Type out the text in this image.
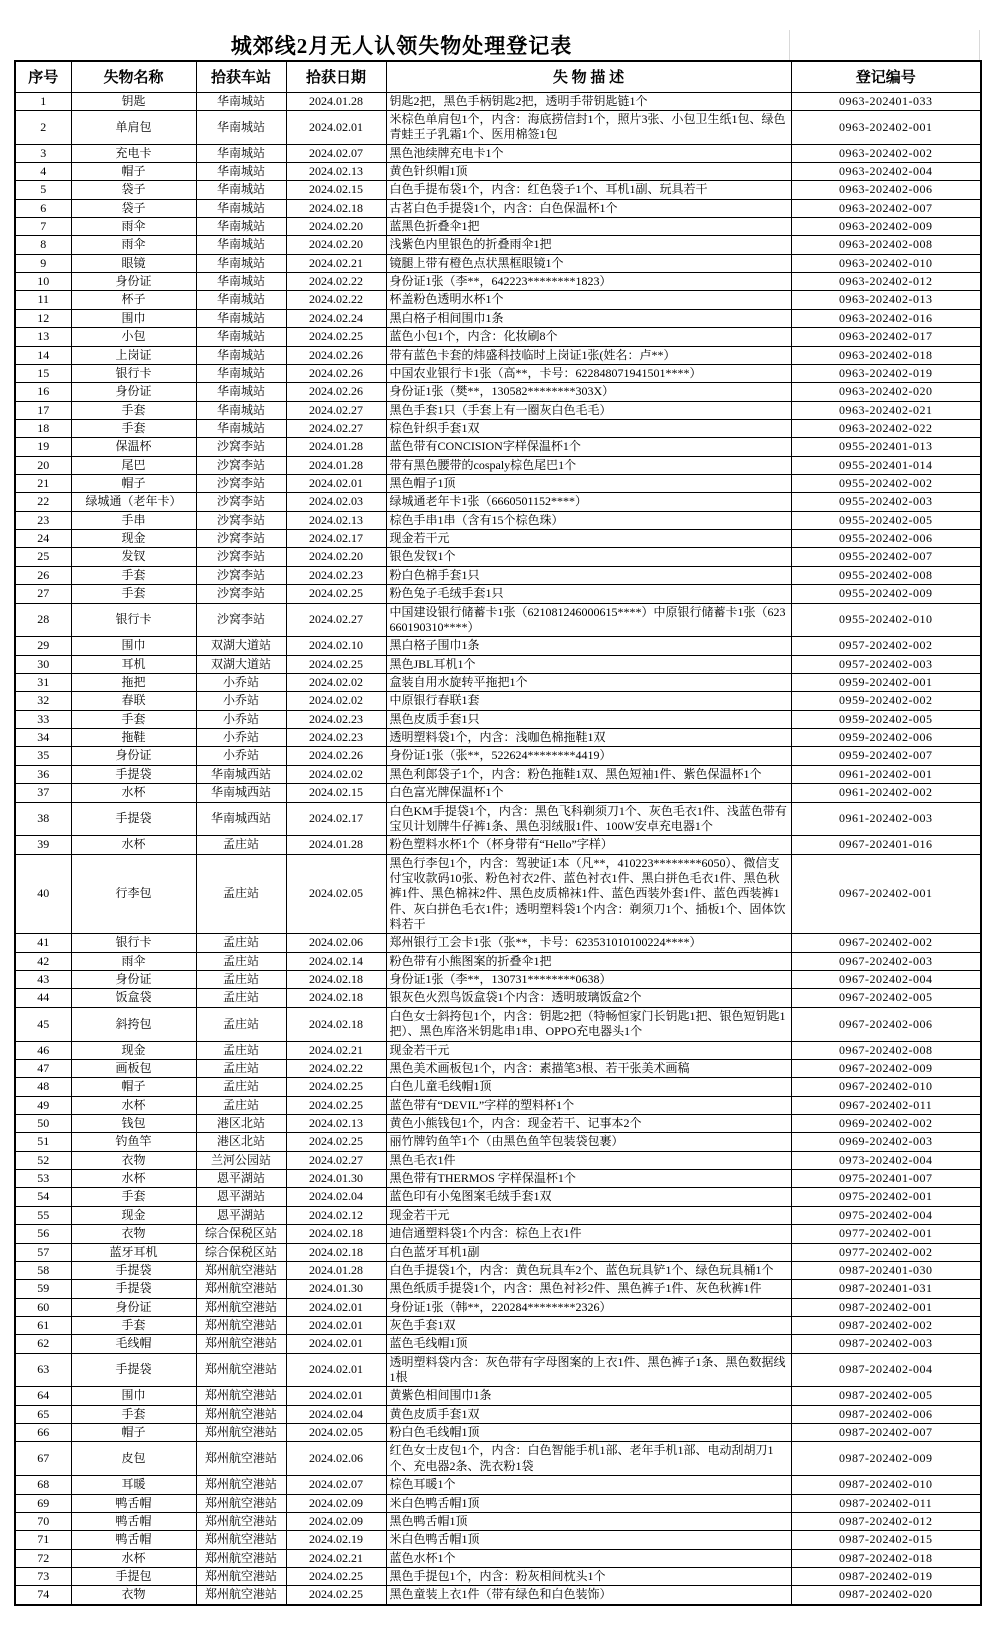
城郊线2月无人认领失物处理登记表
序号	失物名称	拾获车站	拾获日期	失 物 描 述	登记编号
1	钥匙	华南城站	2024.01.28	钥匙2把，黑色手柄钥匙2把，透明手带钥匙链1个	0963-202401-033
2	单肩包	华南城站	2024.02.01	米棕色单肩包1个，内含：海底捞信封1个，照片3张、小包卫生纸1包、绿色青蛙王子乳霜1个、医用棉签1包	0963-202402-001
3	充电卡	华南城站	2024.02.07	黑色池续牌充电卡1个	0963-202402-002
4	帽子	华南城站	2024.02.13	黄色针织帽1顶	0963-202402-004
5	袋子	华南城站	2024.02.15	白色手提布袋1个，内含：红色袋子1个、耳机1副、玩具若干	0963-202402-006
6	袋子	华南城站	2024.02.18	古茗白色手提袋1个，内含：白色保温杯1个	0963-202402-007
7	雨伞	华南城站	2024.02.20	蓝黑色折叠伞1把	0963-202402-009
8	雨伞	华南城站	2024.02.20	浅紫色内里银色的折叠雨伞1把	0963-202402-008
9	眼镜	华南城站	2024.02.21	镜腿上带有橙色点状黑框眼镜1个	0963-202402-010
10	身份证	华南城站	2024.02.22	身份证1张（李**，642223********1823）	0963-202402-012
11	杯子	华南城站	2024.02.22	杯盖粉色透明水杯1个	0963-202402-013
12	围巾	华南城站	2024.02.24	黑白格子相间围巾1条	0963-202402-016
13	小包	华南城站	2024.02.25	蓝色小包1个，内含：化妆刷8个	0963-202402-017
14	上岗证	华南城站	2024.02.26	带有蓝色卡套的炜盛科技临时上岗证1张(姓名：卢**）	0963-202402-018
15	银行卡	华南城站	2024.02.26	中国农业银行卡1张（高**，卡号：622848071941501****）	0963-202402-019
16	身份证	华南城站	2024.02.26	身份证1张（樊**，130582********303X）	0963-202402-020
17	手套	华南城站	2024.02.27	黑色手套1只（手套上有一圈灰白色毛毛）	0963-202402-021
18	手套	华南城站	2024.02.27	棕色针织手套1双	0963-202402-022
19	保温杯	沙窝李站	2024.01.28	蓝色带有CONCISION字样保温杯1个	0955-202401-013
20	尾巴	沙窝李站	2024.01.28	带有黑色腰带的cospaly棕色尾巴1个	0955-202401-014
21	帽子	沙窝李站	2024.02.01	黑色帽子1顶	0955-202402-002
22	绿城通（老年卡）	沙窝李站	2024.02.03	绿城通老年卡1张（6660501152****）	0955-202402-003
23	手串	沙窝李站	2024.02.13	棕色手串1串（含有15个棕色珠）	0955-202402-005
24	现金	沙窝李站	2024.02.17	现金若干元	0955-202402-006
25	发钗	沙窝李站	2024.02.20	银色发钗1个	0955-202402-007
26	手套	沙窝李站	2024.02.23	粉白色棉手套1只	0955-202402-008
27	手套	沙窝李站	2024.02.25	粉色兔子毛绒手套1只	0955-202402-009
28	银行卡	沙窝李站	2024.02.27	中国建设银行储蓄卡1张（621081246000615****）中原银行储蓄卡1张（623660190310****）	0955-202402-010
29	围巾	双湖大道站	2024.02.10	黑白格子围巾1条	0957-202402-002
30	耳机	双湖大道站	2024.02.25	黑色JBL耳机1个	0957-202402-003
31	拖把	小乔站	2024.02.02	盒装自用水旋转平拖把1个	0959-202402-001
32	春联	小乔站	2024.02.02	中原银行春联1套	0959-202402-002
33	手套	小乔站	2024.02.23	黑色皮质手套1只	0959-202402-005
34	拖鞋	小乔站	2024.02.23	透明塑料袋1个，内含：浅咖色棉拖鞋1双	0959-202402-006
35	身份证	小乔站	2024.02.26	身份证1张（张**，522624********4419）	0959-202402-007
36	手提袋	华南城西站	2024.02.02	黑色利郎袋子1个，内含：粉色拖鞋1双、黑色短袖1件、紫色保温杯1个	0961-202402-001
37	水杯	华南城西站	2024.02.15	白色富光牌保温杯1个	0961-202402-002
38	手提袋	华南城西站	2024.02.17	白色KM手提袋1个，内含：黑色飞科剃须刀1个、灰色毛衣1件、浅蓝色带有宝贝计划牌牛仔裤1条、黑色羽绒服1件、100W安卓充电器1个	0961-202402-003
39	水杯	孟庄站	2024.01.28	粉色塑料水杯1个（杯身带有“Hello”字样）	0967-202401-016
40	行李包	孟庄站	2024.02.05	黑色行李包1个，内含：驾驶证1本（凡**，410223********6050）、微信支付宝收款码10张、粉色衬衣2件、蓝色衬衣1件、黑白拼色毛衣1件、黑色秋裤1件、黑色棉袜2件、黑色皮质棉袜1件、蓝色西装外套1件、蓝色西装裤1件、灰白拼色毛衣1件；透明塑料袋1个内含：剃须刀1个、插板1个、固体饮料若干	0967-202402-001
41	银行卡	孟庄站	2024.02.06	郑州银行工会卡1张（张**，卡号：623531010100224****）	0967-202402-002
42	雨伞	孟庄站	2024.02.14	粉色带有小熊图案的折叠伞1把	0967-202402-003
43	身份证	孟庄站	2024.02.18	身份证1张（李**，130731********0638）	0967-202402-004
44	饭盒袋	孟庄站	2024.02.18	银灰色火烈鸟饭盒袋1个内含：透明玻璃饭盒2个	0967-202402-005
45	斜挎包	孟庄站	2024.02.18	白色女士斜挎包1个，内含：钥匙2把（特畅恒家门长钥匙1把、银色短钥匙1把）、黑色库洛米钥匙串1串、OPPO充电器头1个	0967-202402-006
46	现金	孟庄站	2024.02.21	现金若干元	0967-202402-008
47	画板包	孟庄站	2024.02.22	黑色美术画板包1个，内含：素描笔3根、若干张美术画稿	0967-202402-009
48	帽子	孟庄站	2024.02.25	白色儿童毛线帽1顶	0967-202402-010
49	水杯	孟庄站	2024.02.25	蓝色带有“DEVIL”字样的塑料杯1个	0967-202402-011
50	钱包	港区北站	2024.02.13	黄色小熊钱包1个，内含：现金若干、记事本2个	0969-202402-002
51	钓鱼竿	港区北站	2024.02.25	丽竹牌钓鱼竿1个（由黑色鱼竿包装袋包裹）	0969-202402-003
52	衣物	兰河公园站	2024.02.27	黑色毛衣1件	0973-202402-004
53	水杯	恩平湖站	2024.01.30	黑色带有THERMOS 字样保温杯1个	0975-202401-007
54	手套	恩平湖站	2024.02.04	蓝色印有小兔图案毛绒手套1双	0975-202402-001
55	现金	恩平湖站	2024.02.12	现金若干元	0975-202402-004
56	衣物	综合保税区站	2024.02.18	迪信通塑料袋1个内含：棕色上衣1件	0977-202402-001
57	蓝牙耳机	综合保税区站	2024.02.18	白色蓝牙耳机1副	0977-202402-002
58	手提袋	郑州航空港站	2024.01.28	白色手提袋1个，内含：黄色玩具车2个、蓝色玩具铲1个、绿色玩具桶1个	0987-202401-030
59	手提袋	郑州航空港站	2024.01.30	黑色纸质手提袋1个，内含：黑色衬衫2件、黑色裤子1件、灰色秋裤1件	0987-202401-031
60	身份证	郑州航空港站	2024.02.01	身份证1张（韩**，220284********2326）	0987-202402-001
61	手套	郑州航空港站	2024.02.01	灰色手套1双	0987-202402-002
62	毛线帽	郑州航空港站	2024.02.01	蓝色毛线帽1顶	0987-202402-003
63	手提袋	郑州航空港站	2024.02.01	透明塑料袋内含：灰色带有字母图案的上衣1件、黑色裤子1条、黑色数据线1根	0987-202402-004
64	围巾	郑州航空港站	2024.02.01	黄紫色相间围巾1条	0987-202402-005
65	手套	郑州航空港站	2024.02.04	黄色皮质手套1双	0987-202402-006
66	帽子	郑州航空港站	2024.02.05	粉白色毛线帽1顶	0987-202402-007
67	皮包	郑州航空港站	2024.02.06	红色女士皮包1个，内含：白色智能手机1部、老年手机1部、电动刮胡刀1个、充电器2条、洗衣粉1袋	0987-202402-009
68	耳暖	郑州航空港站	2024.02.07	棕色耳暖1个	0987-202402-010
69	鸭舌帽	郑州航空港站	2024.02.09	米白色鸭舌帽1顶	0987-202402-011
70	鸭舌帽	郑州航空港站	2024.02.09	黑色鸭舌帽1顶	0987-202402-012
71	鸭舌帽	郑州航空港站	2024.02.19	米白色鸭舌帽1顶	0987-202402-015
72	水杯	郑州航空港站	2024.02.21	蓝色水杯1个	0987-202402-018
73	手提包	郑州航空港站	2024.02.25	黑色手提包1个，内含：粉灰相间枕头1个	0987-202402-019
74	衣物	郑州航空港站	2024.02.25	黑色童装上衣1件（带有绿色和白色装饰）	0987-202402-020
